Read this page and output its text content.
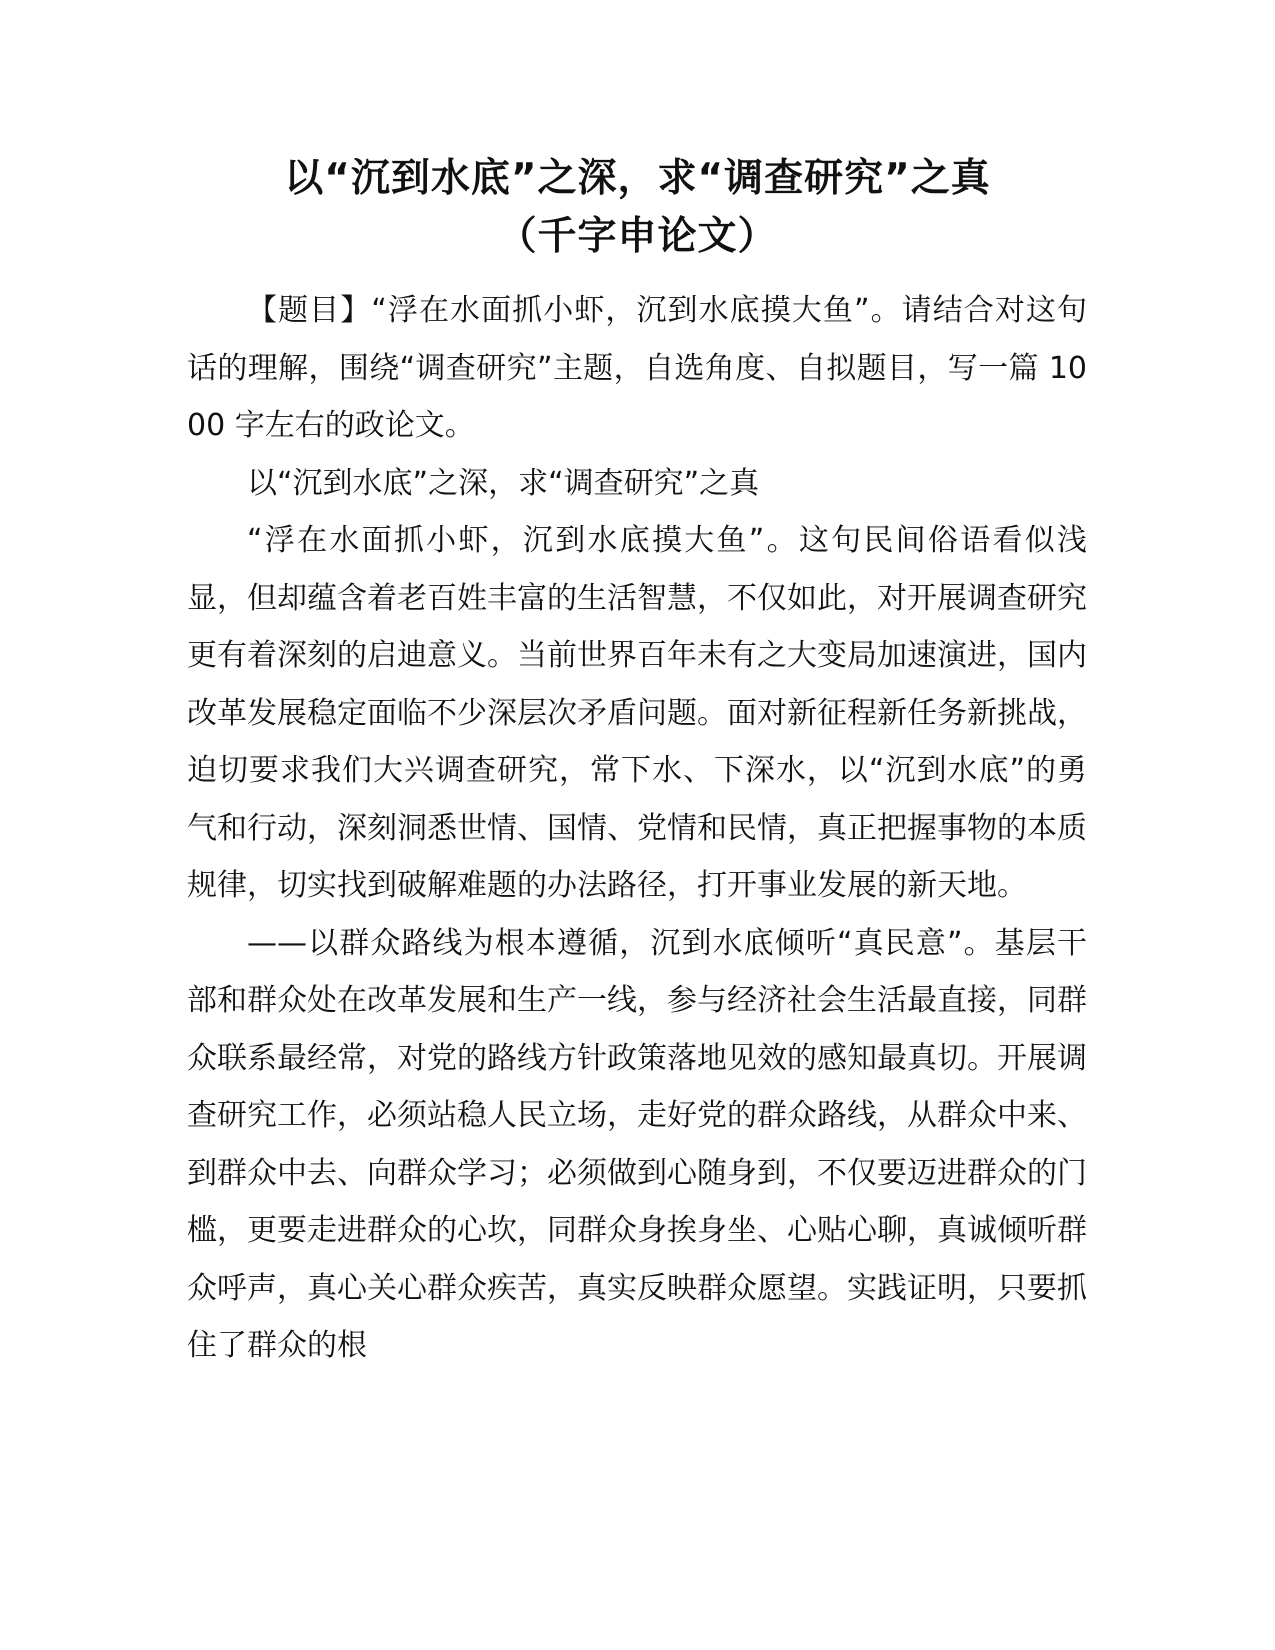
以“沉到水底”之深，求“调查研究”之真
（千字申论文）

【题目】“浮在水面抓小虾，沉到水底摸大鱼”。请结合对这句话的理解，围绕“调查研究”主题，自选角度、自拟题目，写一篇 1000 字左右的政论文。

以“沉到水底”之深，求“调查研究”之真

“浮在水面抓小虾，沉到水底摸大鱼”。这句民间俗语看似浅显，但却蕴含着老百姓丰富的生活智慧，不仅如此，对开展调查研究更有着深刻的启迪意义。当前世界百年未有之大变局加速演进，国内改革发展稳定面临不少深层次矛盾问题。面对新征程新任务新挑战，迫切要求我们大兴调查研究，常下水、下深水，以“沉到水底”的勇气和行动，深刻洞悉世情、国情、党情和民情，真正把握事物的本质规律，切实找到破解难题的办法路径，打开事业发展的新天地。

——以群众路线为根本遵循，沉到水底倾听“真民意”。基层干部和群众处在改革发展和生产一线，参与经济社会生活最直接，同群众联系最经常，对党的路线方针政策落地见效的感知最真切。开展调查研究工作，必须站稳人民立场，走好党的群众路线，从群众中来、到群众中去、向群众学习；必须做到心随身到，不仅要迈进群众的门槛，更要走进群众的心坎，同群众身挨身坐、心贴心聊，真诚倾听群众呼声，真心关心群众疾苦，真实反映群众愿望。实践证明，只要抓住了群众的根
